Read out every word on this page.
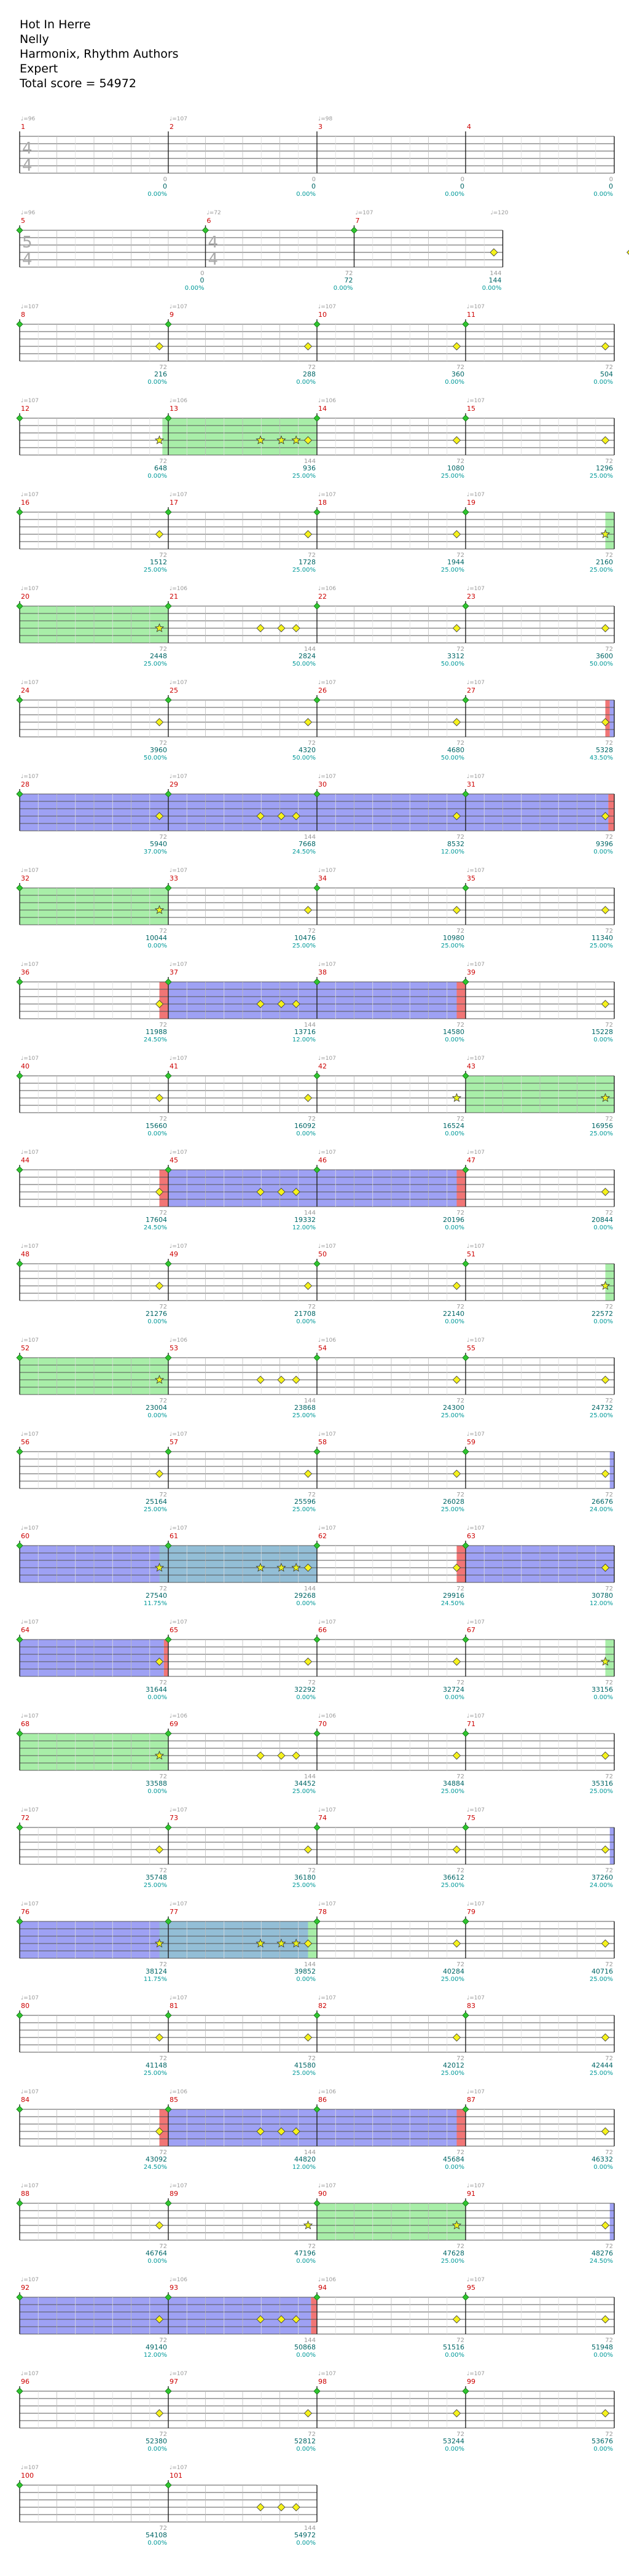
Hot In Herre
Nelly
Harmonix, Rhythm Authors
Expert
Total score = 54972
1
♩=96
0
0
0.00%
4
4
2
♩=107
0
0
0.00%
3
♩=98
0
0
0.00%
4
0
0
0.00%
5
♩=96
0
0
0.00%
5
4
6
♩=72
72
72
0.00%
4
4
7
♩=107
144
144
0.00%
♩=120
8
♩=107
72
216
0.00%
9
♩=107
72
288
0.00%
10
♩=107
72
360
0.00%
11
♩=107
72
504
0.00%
12
♩=107
72
648
0.00%
13
♩=106
144
936
25.00%
14
♩=106
72
1080
25.00%
15
♩=107
72
1296
25.00%
16
♩=107
72
1512
25.00%
17
♩=107
72
1728
25.00%
18
♩=107
72
1944
25.00%
19
♩=107
72
2160
25.00%
20
♩=107
72
2448
25.00%
21
♩=106
144
2824
50.00%
22
♩=106
72
3312
50.00%
23
♩=107
72
3600
50.00%
24
♩=107
72
3960
50.00%
25
♩=107
72
4320
50.00%
26
♩=107
72
4680
50.00%
27
♩=107
72
5328
43.50%
28
♩=107
72
5940
37.00%
29
♩=107
144
7668
24.50%
30
♩=107
72
8532
12.00%
31
♩=107
72
9396
0.00%
32
♩=107
72
10044
0.00%
33
♩=107
72
10476
25.00%
34
♩=107
72
10980
25.00%
35
♩=107
72
11340
25.00%
36
♩=107
72
11988
24.50%
37
♩=107
144
13716
12.00%
38
♩=107
72
14580
0.00%
39
♩=107
72
15228
0.00%
40
♩=107
72
15660
0.00%
41
♩=107
72
16092
0.00%
42
♩=107
72
16524
0.00%
43
♩=107
72
16956
25.00%
44
♩=107
72
17604
24.50%
45
♩=107
144
19332
12.00%
46
♩=107
72
20196
0.00%
47
♩=107
72
20844
0.00%
48
♩=107
72
21276
0.00%
49
♩=107
72
21708
0.00%
50
♩=107
72
22140
0.00%
51
♩=107
72
22572
0.00%
52
♩=107
72
23004
0.00%
53
♩=106
144
23868
25.00%
54
♩=106
72
24300
25.00%
55
♩=107
72
24732
25.00%
56
♩=107
72
25164
25.00%
57
♩=107
72
25596
25.00%
58
♩=107
72
26028
25.00%
59
♩=107
72
26676
24.00%
60
♩=107
72
27540
11.75%
61
♩=107
144
29268
0.00%
62
♩=107
72
29916
24.50%
63
♩=107
72
30780
12.00%
64
♩=107
72
31644
0.00%
65
♩=107
72
32292
0.00%
66
♩=107
72
32724
0.00%
67
♩=107
72
33156
0.00%
68
♩=107
72
33588
0.00%
69
♩=106
144
34452
25.00%
70
♩=106
72
34884
25.00%
71
♩=107
72
35316
25.00%
72
♩=107
72
35748
25.00%
73
♩=107
72
36180
25.00%
74
♩=107
72
36612
25.00%
75
♩=107
72
37260
24.00%
76
♩=107
72
38124
11.75%
77
♩=107
144
39852
0.00%
78
♩=107
72
40284
25.00%
79
♩=107
72
40716
25.00%
80
♩=107
72
41148
25.00%
81
♩=107
72
41580
25.00%
82
♩=107
72
42012
25.00%
83
♩=107
72
42444
25.00%
84
♩=107
72
43092
24.50%
85
♩=106
144
44820
12.00%
86
♩=106
72
45684
0.00%
87
♩=107
72
46332
0.00%
88
♩=107
72
46764
0.00%
89
♩=107
72
47196
0.00%
90
♩=107
72
47628
25.00%
91
♩=107
72
48276
24.50%
92
♩=107
72
49140
12.00%
93
♩=106
144
50868
0.00%
94
♩=106
72
51516
0.00%
95
♩=107
72
51948
0.00%
96
♩=107
72
52380
0.00%
97
♩=107
72
52812
0.00%
98
♩=107
72
53244
0.00%
99
♩=107
72
53676
0.00%
100
♩=107
72
54108
0.00%
101
♩=107
144
54972
0.00%
